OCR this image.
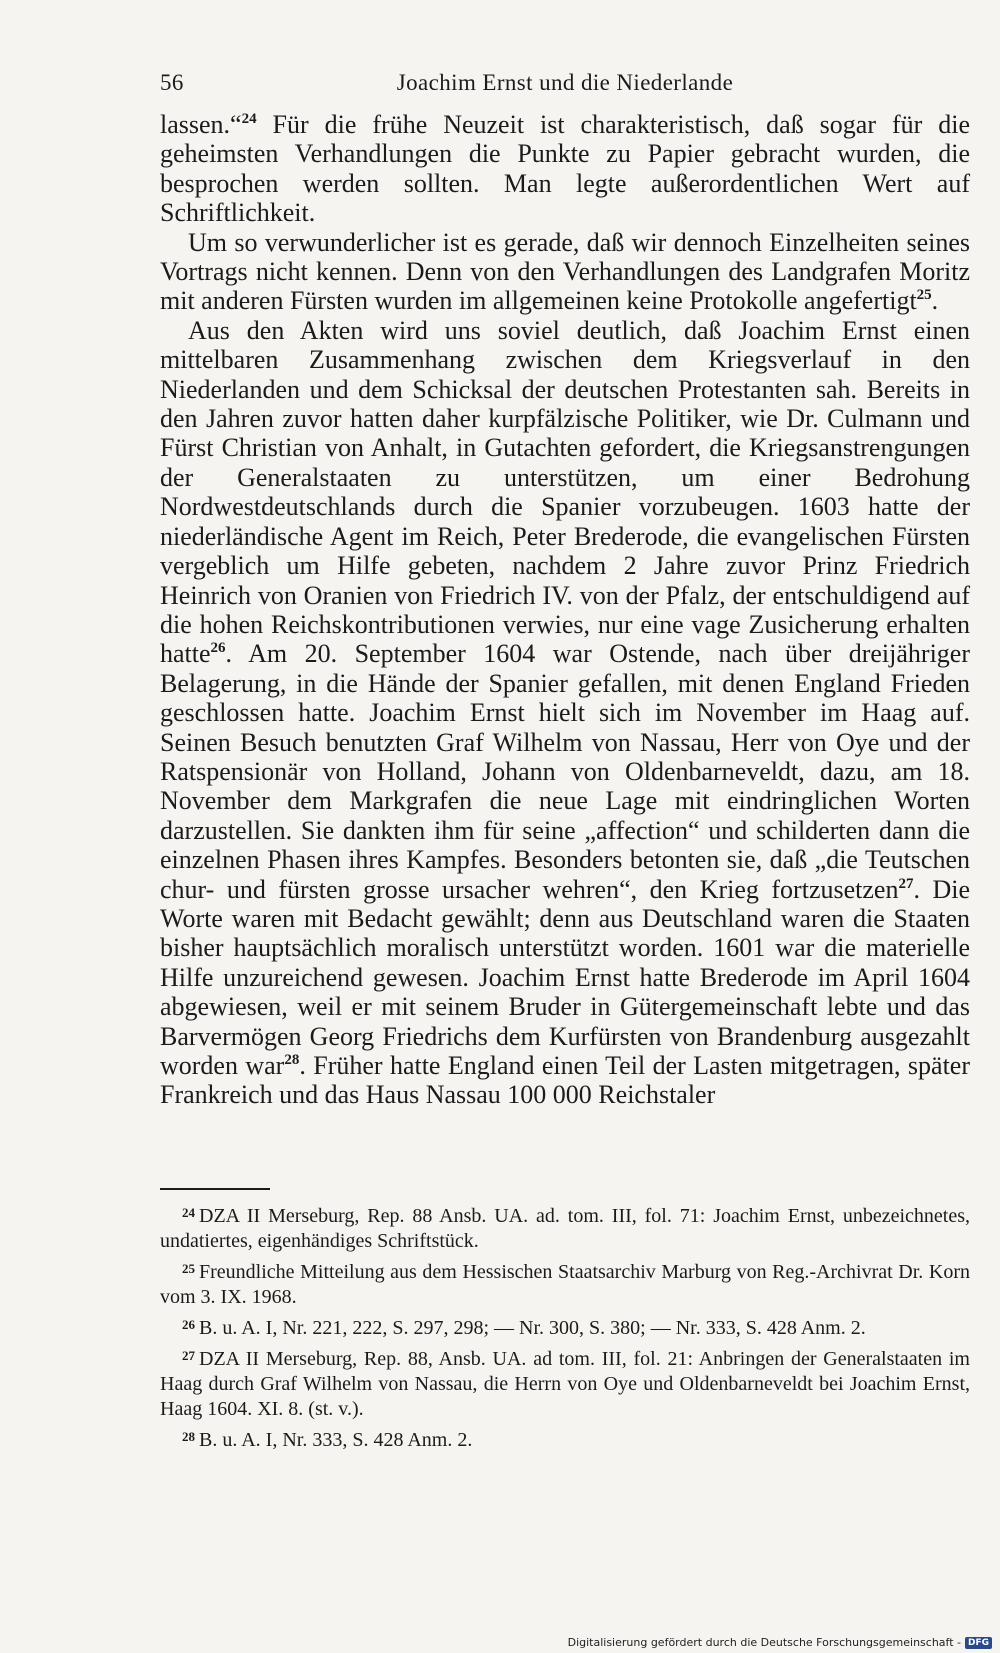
56	Joachim Ernst und die Niederlande

lassen.“$^{24}$ Für die frühe Neuzeit ist charakteristisch, daß sogar für die geheimsten Verhandlungen die Punkte zu Papier gebracht wurden, die besprochen werden sollten. Man legte außerordentlichen Wert auf Schriftlichkeit.

Um so verwunderlicher ist es gerade, daß wir dennoch Einzelheiten seines Vortrags nicht kennen. Denn von den Verhandlungen des Landgrafen Moritz mit anderen Fürsten wurden im allgemeinen keine Protokolle angefertigt$^{25}$.

Aus den Akten wird uns soviel deutlich, daß Joachim Ernst einen mittelbaren Zusammenhang zwischen dem Kriegsverlauf in den Niederlanden und dem Schicksal der deutschen Protestanten sah. Bereits in den Jahren zuvor hatten daher kurpfälzische Politiker, wie Dr. Culmann und Fürst Christian von Anhalt, in Gutachten gefordert, die Kriegsanstrengungen der Generalstaaten zu unterstützen, um einer Bedrohung Nordwestdeutschlands durch die Spanier vorzubeugen. 1603 hatte der niederländische Agent im Reich, Peter Brederode, die evangelischen Fürsten vergeblich um Hilfe gebeten, nachdem 2 Jahre zuvor Prinz Friedrich Heinrich von Oranien von Friedrich IV. von der Pfalz, der entschuldigend auf die hohen Reichskontributionen verwies, nur eine vage Zusicherung erhalten hatte$^{26}$. Am 20. September 1604 war Ostende, nach über dreijähriger Belagerung, in die Hände der Spanier gefallen, mit denen England Frieden geschlossen hatte. Joachim Ernst hielt sich im November im Haag auf. Seinen Besuch benutzten Graf Wilhelm von Nassau, Herr von Oye und der Ratspensionär von Holland, Johann von Oldenbarneveldt, dazu, am 18. November dem Markgrafen die neue Lage mit eindringlichen Worten darzustellen. Sie dankten ihm für seine „affection“ und schilderten dann die einzelnen Phasen ihres Kampfes. Besonders betonten sie, daß „die Teutschen chur- und fürsten grosse ursacher wehren“, den Krieg fortzusetzen$^{27}$. Die Worte waren mit Bedacht gewählt; denn aus Deutschland waren die Staaten bisher hauptsächlich moralisch unterstützt worden. 1601 war die materielle Hilfe unzureichend gewesen. Joachim Ernst hatte Brederode im April 1604 abgewiesen, weil er mit seinem Bruder in Gütergemeinschaft lebte und das Barvermögen Georg Friedrichs dem Kurfürsten von Brandenburg ausgezahlt worden war$^{28}$. Früher hatte England einen Teil der Lasten mitgetragen, später Frankreich und das Haus Nassau 100 000 Reichstaler

$^{24}$ DZA II Merseburg, Rep. 88 Ansb. UA. ad. tom. III, fol. 71: Joachim Ernst, unbezeichnetes, undatiertes, eigenhändiges Schriftstück.

$^{25}$ Freundliche Mitteilung aus dem Hessischen Staatsarchiv Marburg von Reg.-Archivrat Dr. Korn vom 3. IX. 1968.

$^{26}$ B. u. A. I, Nr. 221, 222, S. 297, 298; — Nr. 300, S. 380; — Nr. 333, S. 428 Anm. 2.

$^{27}$ DZA II Merseburg, Rep. 88, Ansb. UA. ad tom. III, fol. 21: Anbringen der Generalstaaten im Haag durch Graf Wilhelm von Nassau, die Herrn von Oye und Oldenbarneveldt bei Joachim Ernst, Haag 1604. XI. 8. (st. v.).

$^{28}$ B. u. A. I, Nr. 333, S. 428 Anm. 2.

Digitalisierung gefördert durch die Deutsche Forschungsgemeinschaft - DFG
